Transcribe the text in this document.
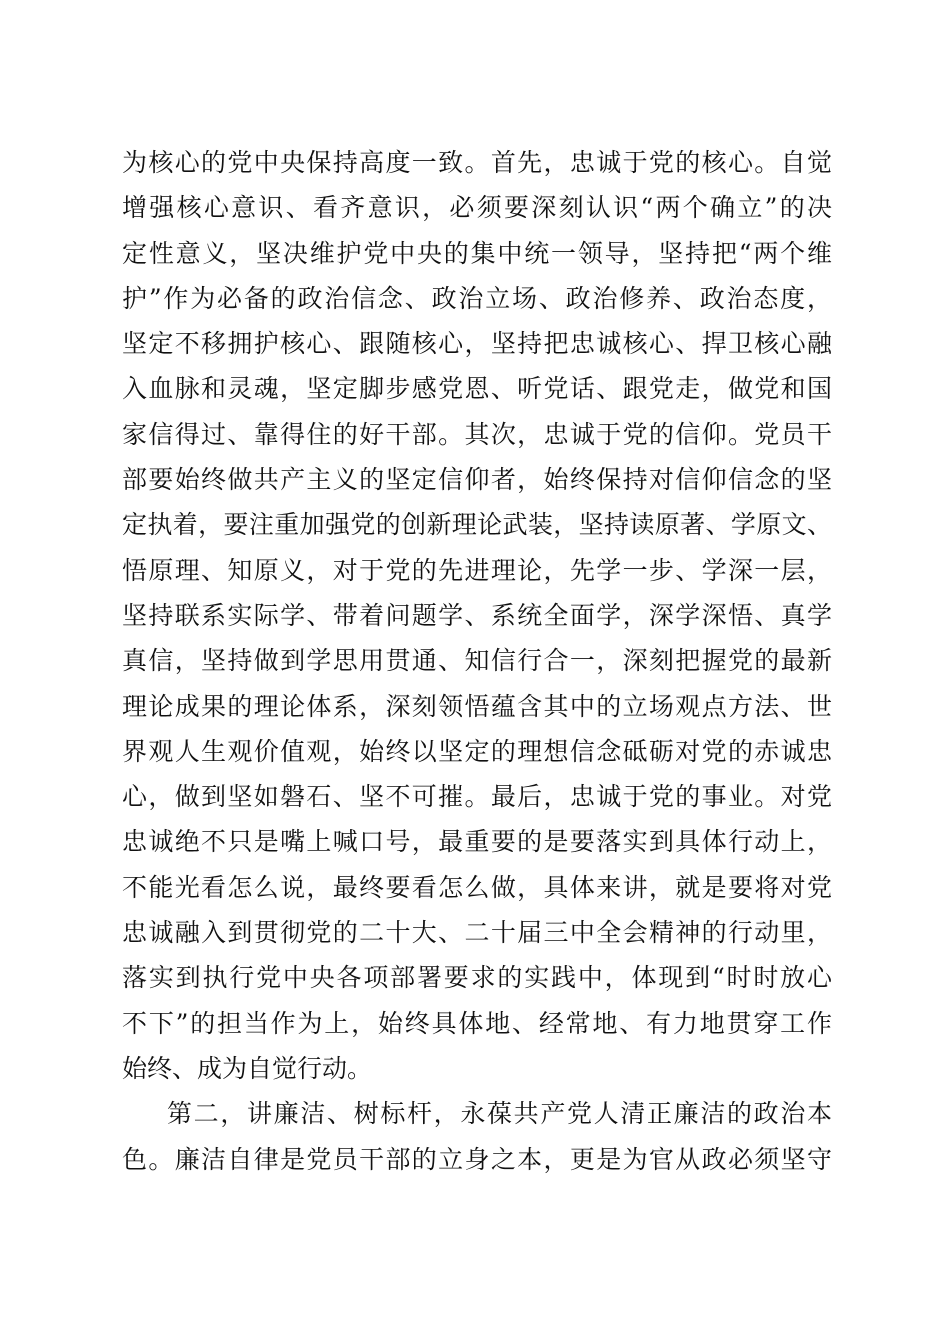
为核心的党中央保持高度一致。首先，忠诚于党的核心。自觉
增强核心意识、看齐意识，必须要深刻认识“两个确立”的决
定性意义，坚决维护党中央的集中统一领导，坚持把“两个维
护”作为必备的政治信念、政治立场、政治修养、政治态度，
坚定不移拥护核心、跟随核心，坚持把忠诚核心、捍卫核心融
入血脉和灵魂，坚定脚步感党恩、听党话、跟党走，做党和国
家信得过、靠得住的好干部。其次，忠诚于党的信仰。党员干
部要始终做共产主义的坚定信仰者，始终保持对信仰信念的坚
定执着，要注重加强党的创新理论武装，坚持读原著、学原文、
悟原理、知原义，对于党的先进理论，先学一步、学深一层，
坚持联系实际学、带着问题学、系统全面学，深学深悟、真学
真信，坚持做到学思用贯通、知信行合一，深刻把握党的最新
理论成果的理论体系，深刻领悟蕴含其中的立场观点方法、世
界观人生观价值观，始终以坚定的理想信念砥砺对党的赤诚忠
心，做到坚如磐石、坚不可摧。最后，忠诚于党的事业。对党
忠诚绝不只是嘴上喊口号，最重要的是要落实到具体行动上，
不能光看怎么说，最终要看怎么做，具体来讲，就是要将对党
忠诚融入到贯彻党的二十大、二十届三中全会精神的行动里，
落实到执行党中央各项部署要求的实践中，体现到“时时放心
不下”的担当作为上，始终具体地、经常地、有力地贯穿工作
始终、成为自觉行动。
第二，讲廉洁、树标杆，永葆共产党人清正廉洁的政治本
色。廉洁自律是党员干部的立身之本，更是为官从政必须坚守
